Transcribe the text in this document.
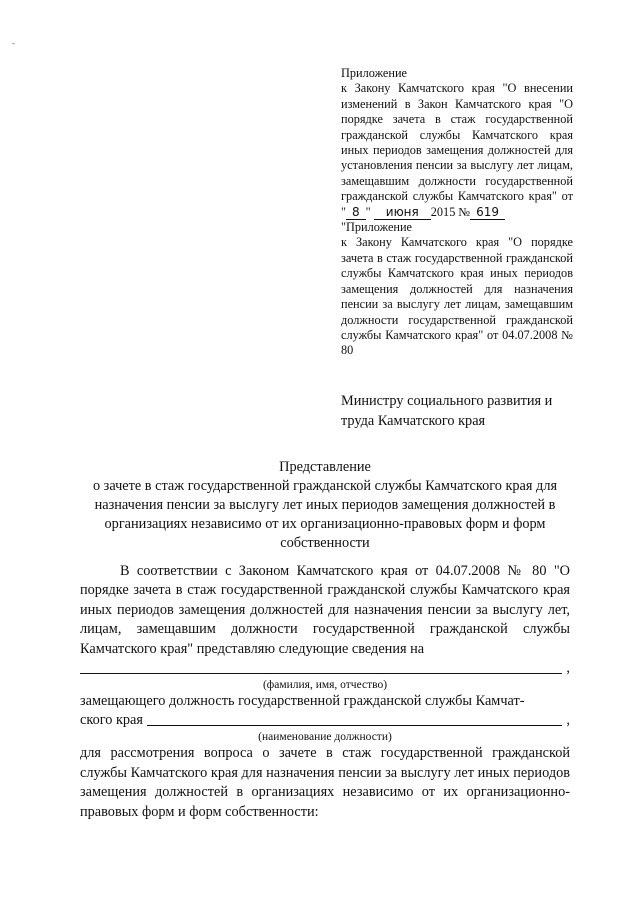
-

Приложение

к Закону Камчатского края "О внесении изменений в Закон Камчатского края "О порядке зачета в стаж государственной гражданской службы Камчатского края иных периодов замещения должностей для установления пенсии за выслугу лет лицам, замещавшим должности государственной гражданской службы Камчатского края" от " 8 " июня 2015 № 619

"Приложение

к Закону Камчатского края "О порядке зачета в стаж государственной гражданской службы Камчатского края иных периодов замещения должностей для назначения пенсии за выслугу лет лицам, замещавшим должности государственной гражданской службы Камчатского края" от 04.07.2008 № 80

Министру социального развития и труда Камчатского края
Представление
о зачете в стаж государственной гражданской службы Камчатского края для назначения пенсии за выслугу лет иных периодов замещения должностей в организациях независимо от их организационно-правовых форм и форм собственности

В соответствии с Законом Камчатского края от 04.07.2008 № 80 "О порядке зачета в стаж государственной гражданской службы Камчатского края иных периодов замещения должностей для назначения пенсии за выслугу лет, лицам, замещавшим должности государственной гражданской службы Камчатского края" представляю следующие сведения на

,
(фамилия, имя, отчество)

замещающего должность государственной гражданской службы Камчат-

ского края	,
(наименование должности)

для рассмотрения вопроса о зачете в стаж государственной гражданской службы Камчатского края для назначения пенсии за выслугу лет иных периодов замещения должностей в организациях независимо от их организационно-правовых форм и форм собственности:
